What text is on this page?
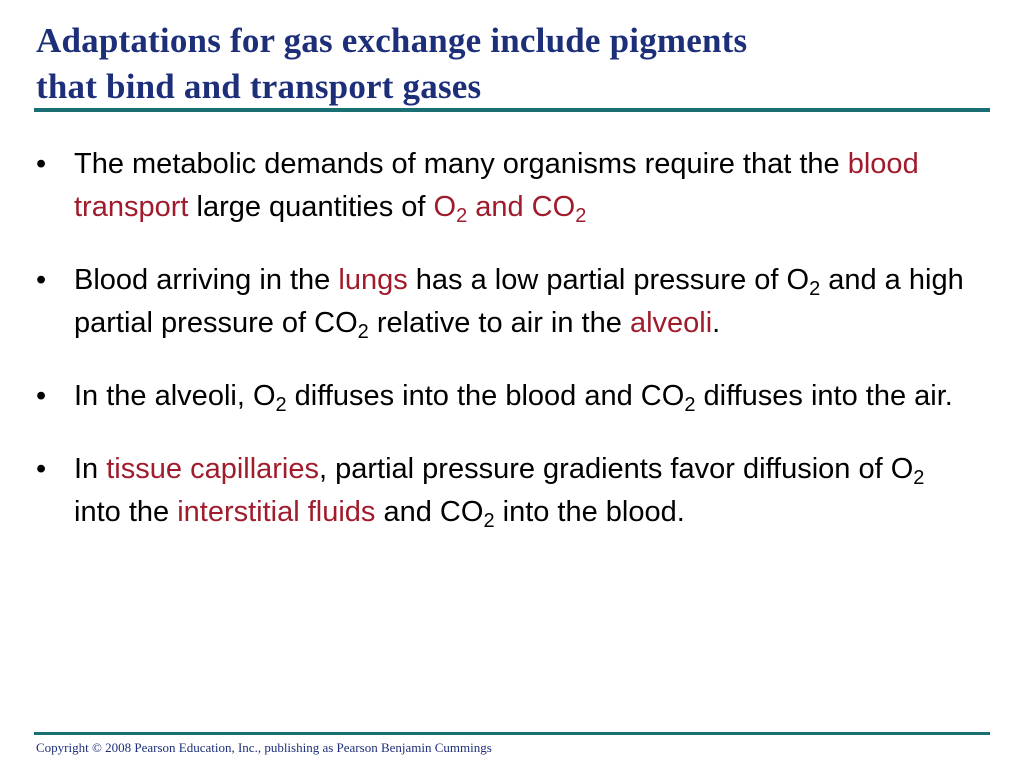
Adaptations for gas exchange include pigments
that bind and transport gases
• The metabolic demands of many organisms require that the blood transport large quantities of $O_2$ and $CO_2$
• Blood arriving in the lungs has a low partial pressure of $O_2$ and a high partial pressure of $CO_2$ relative to air in the alveoli.
• In the alveoli, $O_2$ diffuses into the blood and $CO_2$ diffuses into the air.
• In tissue capillaries, partial pressure gradients favor diffusion of $O_2$ into the interstitial fluids and $CO_2$ into the blood.
Copyright © 2008 Pearson Education, Inc., publishing as Pearson Benjamin Cummings
